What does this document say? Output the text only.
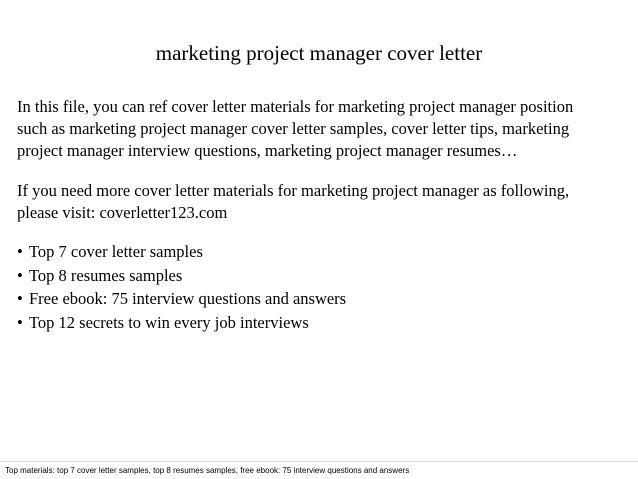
marketing project manager cover letter
In this file, you can ref cover letter materials for marketing project manager position
such as marketing project manager cover letter samples, cover letter tips, marketing
project manager interview questions, marketing project manager resumes…
If you need more cover letter materials for marketing project manager as following,
please visit: coverletter123.com
• Top 7 cover letter samples
• Top 8 resumes samples
• Free ebook: 75 interview questions and answers
• Top 12 secrets to win every job interviews
Top materials: top 7 cover letter samples, top 8 resumes samples, free ebook: 75 interview questions and answers
